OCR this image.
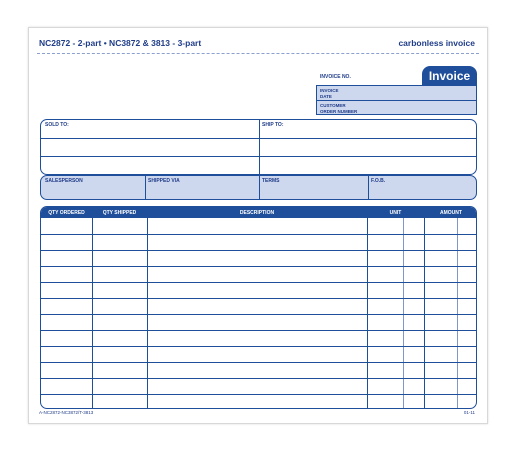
NC2872 - 2-part • NC3872 & 3813 - 3-part	carbonless invoice
INVOICE NO.	Invoice
INVOICE
DATE
CUSTOMER
ORDER NUMBER
SOLD TO:	SHIP TO:
SALESPERSON	SHIPPED VIA	TERMS	F.O.B.
QTY ORDERED	QTY SHIPPED	DESCRIPTION	UNIT	AMOUNT
A-NC2872-NC3872/T-3813	01-11
